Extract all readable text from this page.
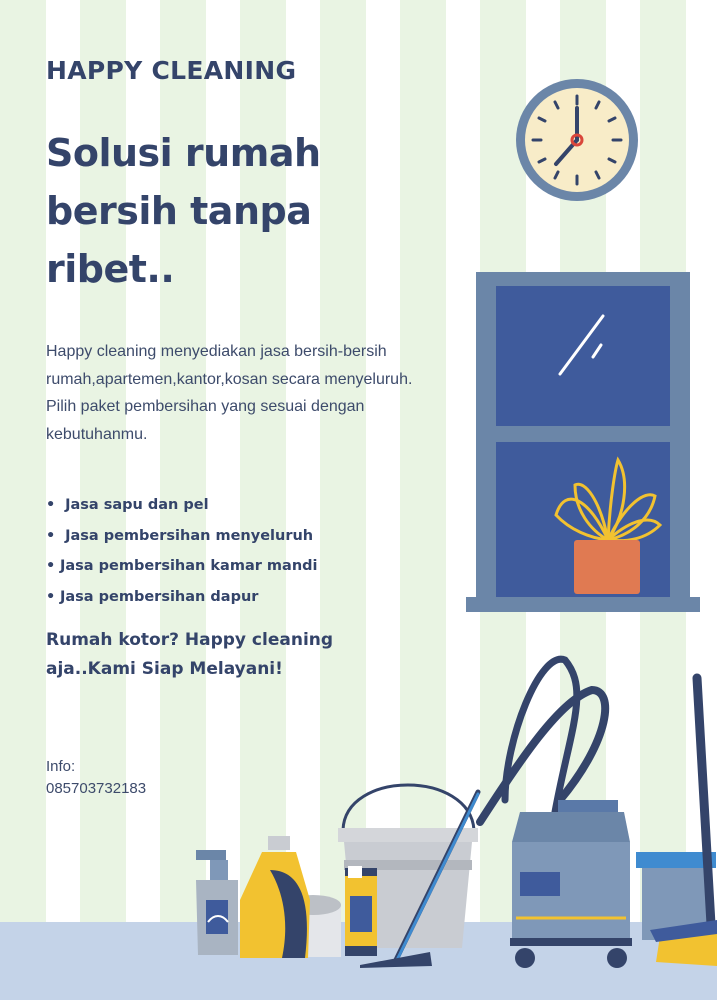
HAPPY CLEANING
Solusi rumah
bersih tanpa
ribet..

Happy cleaning menyediakan jasa bersih-bersih rumah,apartemen,kantor,kosan secara menyeluruh. Pilih paket pembersihan yang sesuai dengan kebutuhanmu.

• Jasa sapu dan pel
• Jasa pembersihan menyeluruh
• Jasa pembersihan kamar mandi
• Jasa pembersihan dapur

Rumah kotor? Happy cleaning aja..Kami Siap Melayani!

Info:
085703732183
